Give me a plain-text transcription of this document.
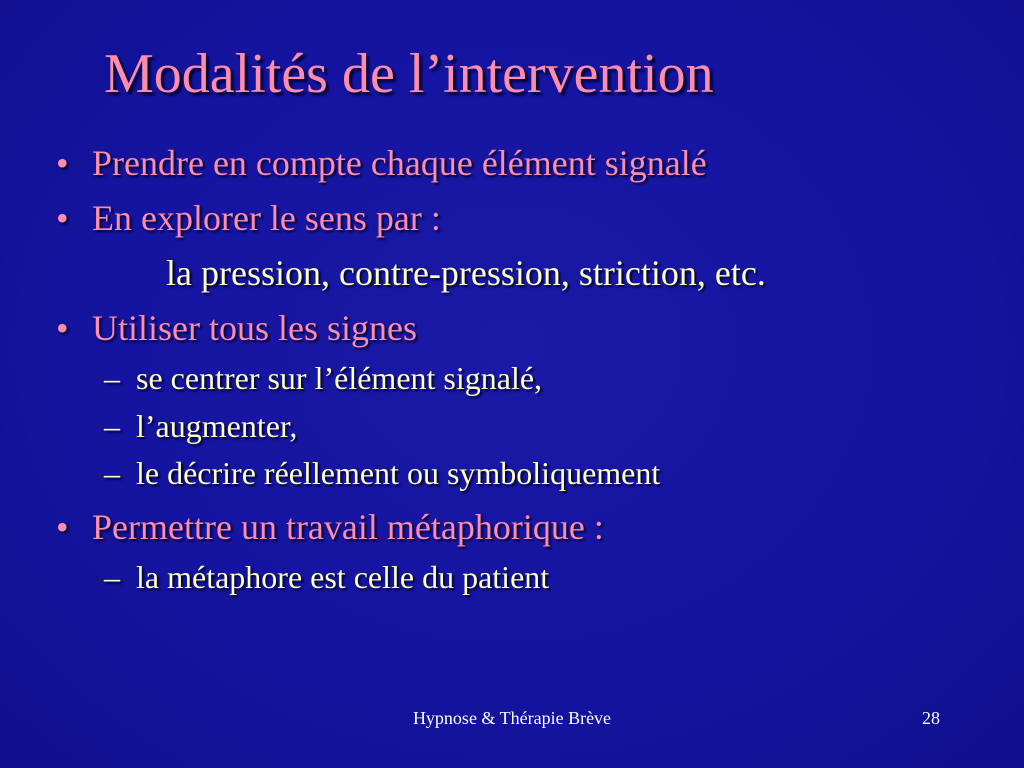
Modalités de l’intervention
• Prendre en compte chaque élément signalé
• En explorer le sens par :
la pression, contre-pression, striction, etc.
• Utiliser tous les signes
– se centrer sur l’élément signalé,
– l’augmenter,
– le décrire réellement ou symboliquement
• Permettre un travail métaphorique :
– la métaphore est celle du patient
Hypnose & Thérapie Brève	28
